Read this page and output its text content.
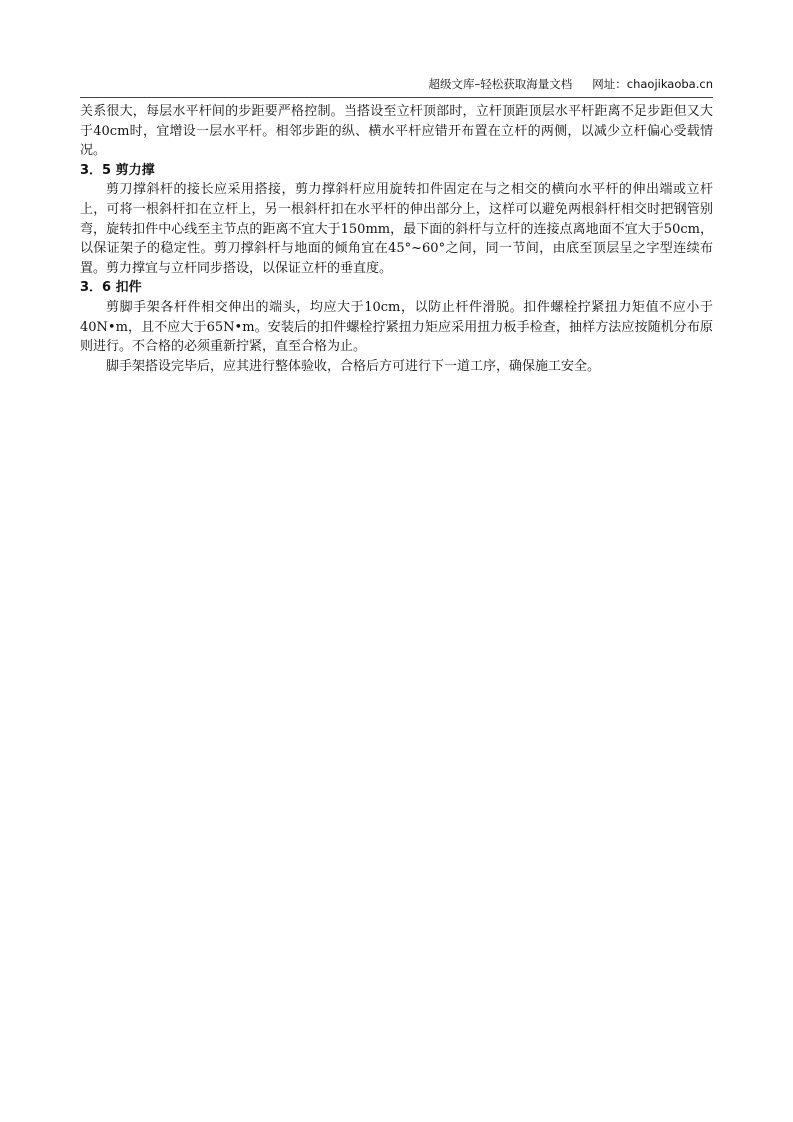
超级文库–轻松获取海量文档 网址：chaojikaoba.cn

关系很大，每层水平杆间的步距要严格控制。当搭设至立杆顶部时，立杆顶距顶层水平杆距离不足步距但又大于40cm时，宜增设一层水平杆。相邻步距的纵、横水平杆应错开布置在立杆的两侧，以减少立杆偏心受载情况。

3．5 剪力撑

剪刀撑斜杆的接长应采用搭接，剪力撑斜杆应用旋转扣件固定在与之相交的横向水平杆的伸出端或立杆上，可将一根斜杆扣在立杆上，另一根斜杆扣在水平杆的伸出部分上，这样可以避免两根斜杆相交时把钢管别弯，旋转扣件中心线至主节点的距离不宜大于150mm，最下面的斜杆与立杆的连接点离地面不宜大于50cm，以保证架子的稳定性。剪刀撑斜杆与地面的倾角宜在45°~60°之间，同一节间，由底至顶层呈之字型连续布置。剪力撑宜与立杆同步搭设，以保证立杆的垂直度。

3．6 扣件

剪脚手架各杆件相交伸出的端头，均应大于10cm，以防止杆件滑脱。扣件螺栓拧紧扭力矩值不应小于40N•m，且不应大于65N•m。安装后的扣件螺栓拧紧扭力矩应采用扭力板手检查，抽样方法应按随机分布原则进行。不合格的必须重新拧紧，直至合格为止。

脚手架搭设完毕后，应其进行整体验收，合格后方可进行下一道工序，确保施工安全。
